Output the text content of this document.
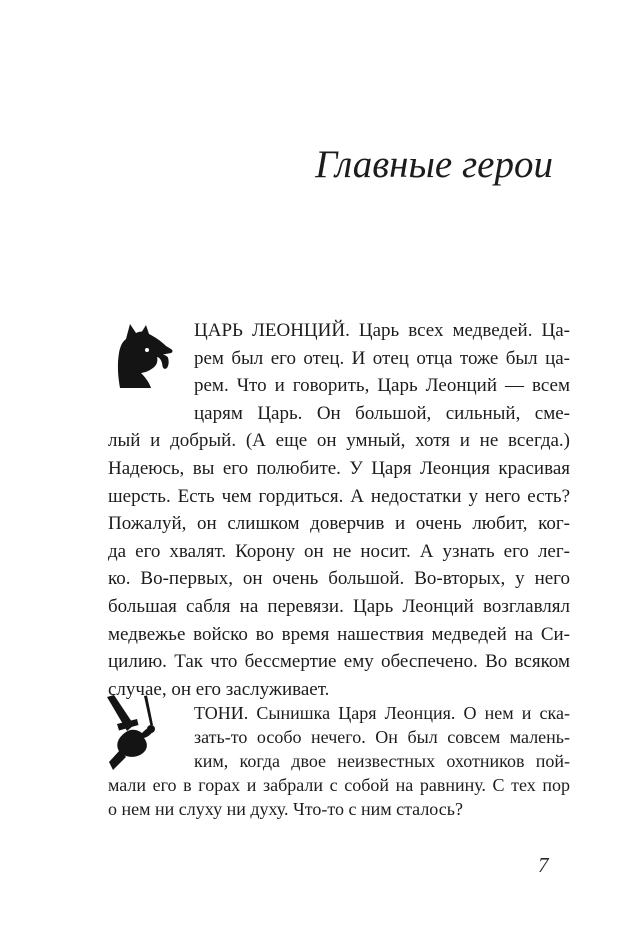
Главные герои
ЦАРЬ ЛЕОНЦИЙ. Царь всех медведей. Ца-
рем был его отец. И отец отца тоже был ца-
рем. Что и говорить, Царь Леонций — всем
царям Царь. Он большой, сильный, сме-
лый и добрый. (А еще он умный, хотя и не всегда.)
Надеюсь, вы его полюбите. У Царя Леонция красивая
шерсть. Есть чем гордиться. А недостатки у него есть?
Пожалуй, он слишком доверчив и очень любит, ког-
да его хвалят. Корону он не носит. А узнать его лег-
ко. Во-первых, он очень большой. Во-вторых, у него
большая сабля на перевязи. Царь Леонций возглавлял
медвежье войско во время нашествия медведей на Си-
цилию. Так что бессмертие ему обеспечено. Во всяком
случае, он его заслуживает.
ТОНИ. Сынишка Царя Леонция. О нем и ска-
зать-то особо нечего. Он был совсем малень-
ким, когда двое неизвестных охотников пой-
мали его в горах и забрали с собой на равнину. С тех пор
о нем ни слуху ни духу. Что-то с ним сталось?
7
